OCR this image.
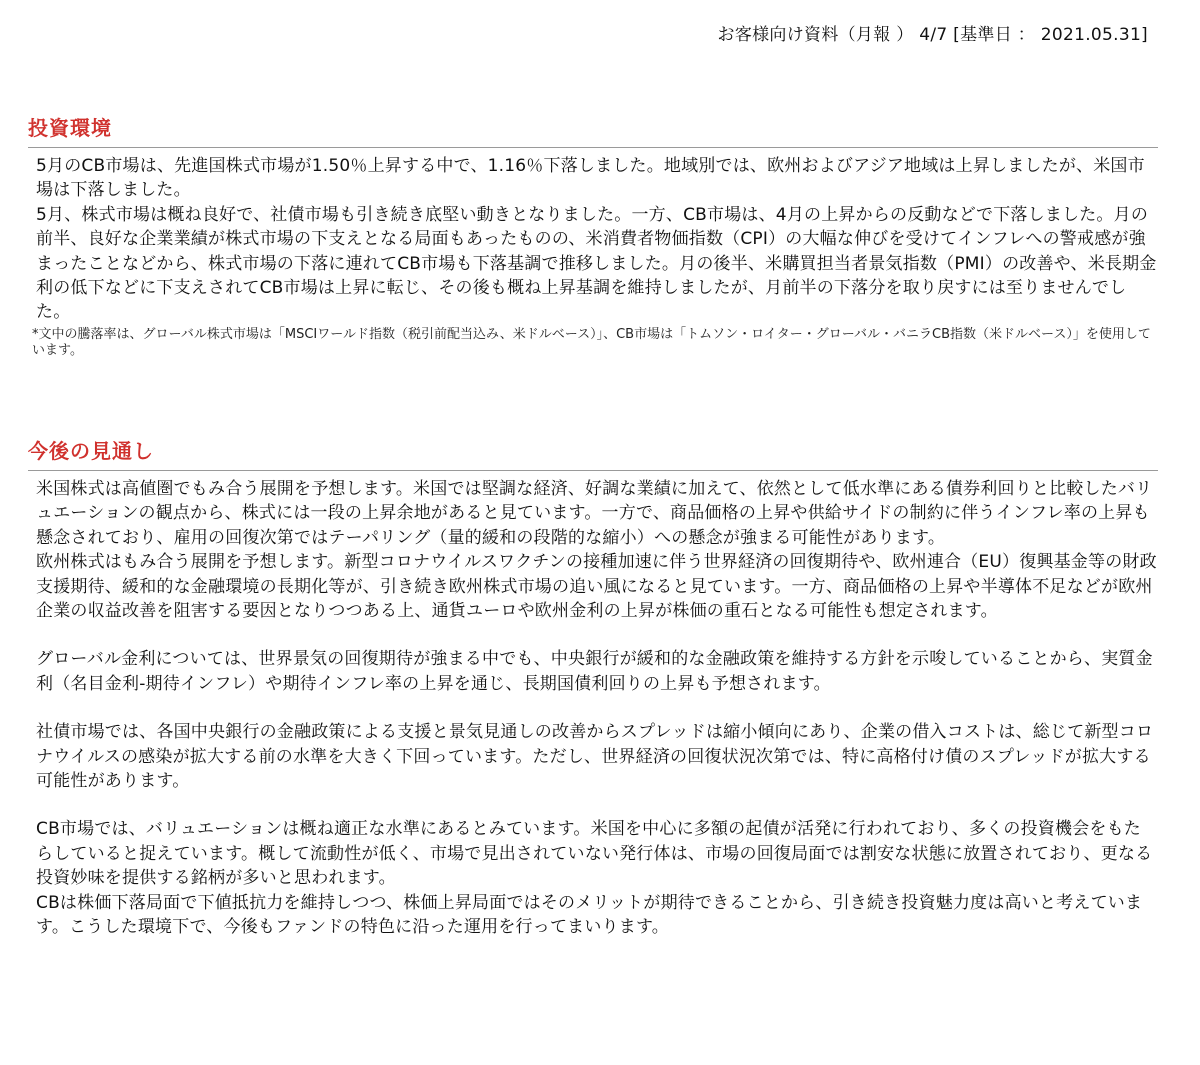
お客様向け資料（月報 ） 4/7 [基準日 ： 2021.05.31]
投資環境

5月のCB市場は、先進国株式市場が1.50％上昇する中で、1.16％下落しました。地域別では、欧州およびアジア地域は上昇しましたが、米国市場は下落しました。

5月、株式市場は概ね良好で、社債市場も引き続き底堅い動きとなりました。一方、CB市場は、4月の上昇からの反動などで下落しました。月の前半、良好な企業業績が株式市場の下支えとなる局面もあったものの、米消費者物価指数（CPI）の大幅な伸びを受けてインフレへの警戒感が強まったことなどから、株式市場の下落に連れてCB市場も下落基調で推移しました。月の後半、米購買担当者景気指数（PMI）の改善や、米長期金利の低下などに下支えされてCB市場は上昇に転じ、その後も概ね上昇基調を維持しましたが、月前半の下落分を取り戻すには至りませんでした。

*文中の騰落率は、グローバル株式市場は「MSCIワールド指数（税引前配当込み、米ドルベース）」、CB市場は「トムソン・ロイター・グローバル・バニラCB指数（米ドルベース）」を使用しています。

今後の見通し

米国株式は高値圏でもみ合う展開を予想します。米国では堅調な経済、好調な業績に加えて、依然として低水準にある債券利回りと比較したバリュエーションの観点から、株式には一段の上昇余地があると見ています。一方で、商品価格の上昇や供給サイドの制約に伴うインフレ率の上昇も懸念されており、雇用の回復次第ではテーパリング（量的緩和の段階的な縮小）への懸念が強まる可能性があります。

欧州株式はもみ合う展開を予想します。新型コロナウイルスワクチンの接種加速に伴う世界経済の回復期待や、欧州連合（EU）復興基金等の財政支援期待、緩和的な金融環境の長期化等が、引き続き欧州株式市場の追い風になると見ています。一方、商品価格の上昇や半導体不足などが欧州企業の収益改善を阻害する要因となりつつある上、通貨ユーロや欧州金利の上昇が株価の重石となる可能性も想定されます。

グローバル金利については、世界景気の回復期待が強まる中でも、中央銀行が緩和的な金融政策を維持する方針を示唆していることから、実質金利（名目金利-期待インフレ）や期待インフレ率の上昇を通じ、長期国債利回りの上昇も予想されます。

社債市場では、各国中央銀行の金融政策による支援と景気見通しの改善からスプレッドは縮小傾向にあり、企業の借入コストは、総じて新型コロナウイルスの感染が拡大する前の水準を大きく下回っています。ただし、世界経済の回復状況次第では、特に高格付け債のスプレッドが拡大する可能性があります。

CB市場では、バリュエーションは概ね適正な水準にあるとみています。米国を中心に多額の起債が活発に行われており、多くの投資機会をもたらしていると捉えています。概して流動性が低く、市場で見出されていない発行体は、市場の回復局面では割安な状態に放置されており、更なる投資妙味を提供する銘柄が多いと思われます。

CBは株価下落局面で下値抵抗力を維持しつつ、株価上昇局面ではそのメリットが期待できることから、引き続き投資魅力度は高いと考えています。こうした環境下で、今後もファンドの特色に沿った運用を行ってまいります。
